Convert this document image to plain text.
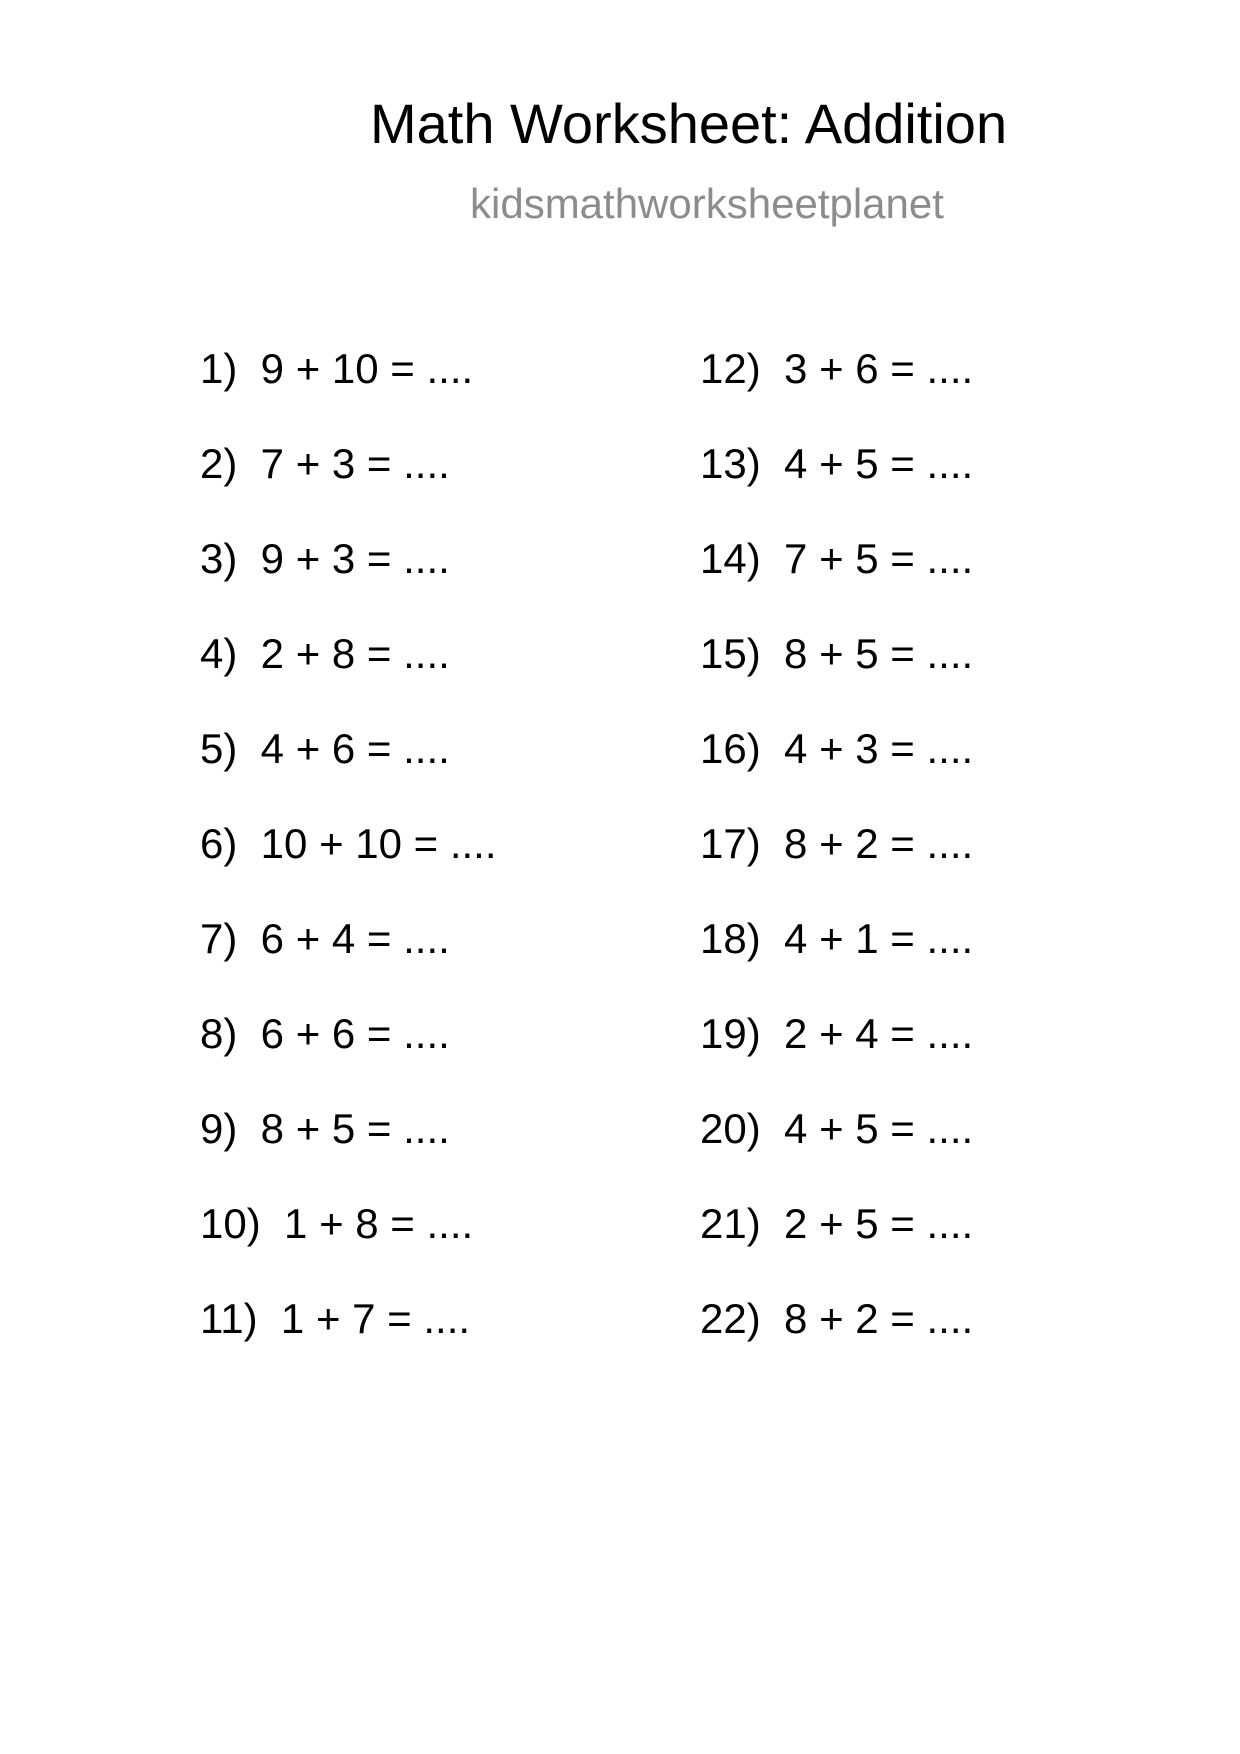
Math Worksheet: Addition
kidsmathworksheetplanet
1)  9 + 10 = ....
2)  7 + 3 = ....
3)  9 + 3 = ....
4)  2 + 8 = ....
5)  4 + 6 = ....
6)  10 + 10 = ....
7)  6 + 4 = ....
8)  6 + 6 = ....
9)  8 + 5 = ....
10)  1 + 8 = ....
11)  1 + 7 = ....
12)  3 + 6 = ....
13)  4 + 5 = ....
14)  7 + 5 = ....
15)  8 + 5 = ....
16)  4 + 3 = ....
17)  8 + 2 = ....
18)  4 + 1 = ....
19)  2 + 4 = ....
20)  4 + 5 = ....
21)  2 + 5 = ....
22)  8 + 2 = ....
